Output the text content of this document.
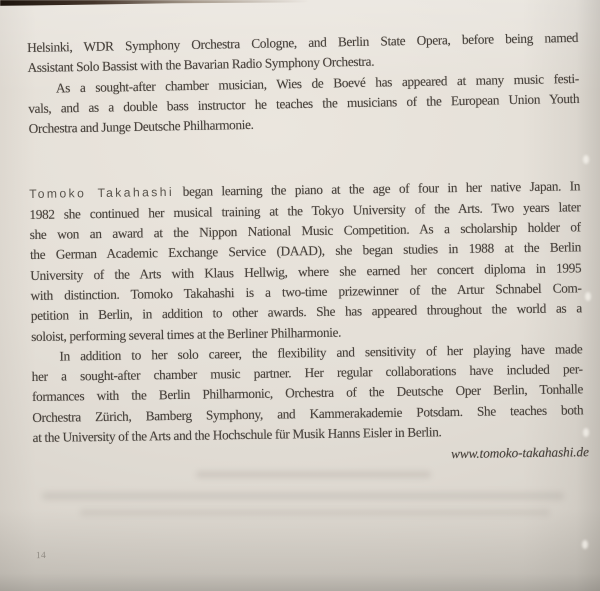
Helsinki, WDR Symphony Orchestra Cologne, and Berlin State Opera, before being named
Assistant Solo Bassist with the Bavarian Radio Symphony Orchestra.
As a sought-after chamber musician, Wies de Boevé has appeared at many music festi-
vals, and as a double bass instructor he teaches the musicians of the European Union Youth
Orchestra and Junge Deutsche Philharmonie.
Tomoko Takahashi began learning the piano at the age of four in her native Japan. In
1982 she continued her musical training at the Tokyo University of the Arts. Two years later
she won an award at the Nippon National Music Competition. As a scholarship holder of
the German Academic Exchange Service (DAAD), she began studies in 1988 at the Berlin
University of the Arts with Klaus Hellwig, where she earned her concert diploma in 1995
with distinction. Tomoko Takahashi is a two-time prizewinner of the Artur Schnabel Com-
petition in Berlin, in addition to other awards. She has appeared throughout the world as a
soloist, performing several times at the Berliner Philharmonie.
In addition to her solo career, the flexibility and sensitivity of her playing have made
her a sought-after chamber music partner. Her regular collaborations have included per-
formances with the Berlin Philharmonic, Orchestra of the Deutsche Oper Berlin, Tonhalle
Orchestra Zürich, Bamberg Symphony, and Kammerakademie Potsdam. She teaches both
at the University of the Arts and the Hochschule für Musik Hanns Eisler in Berlin.
www.tomoko-takahashi.de
14
